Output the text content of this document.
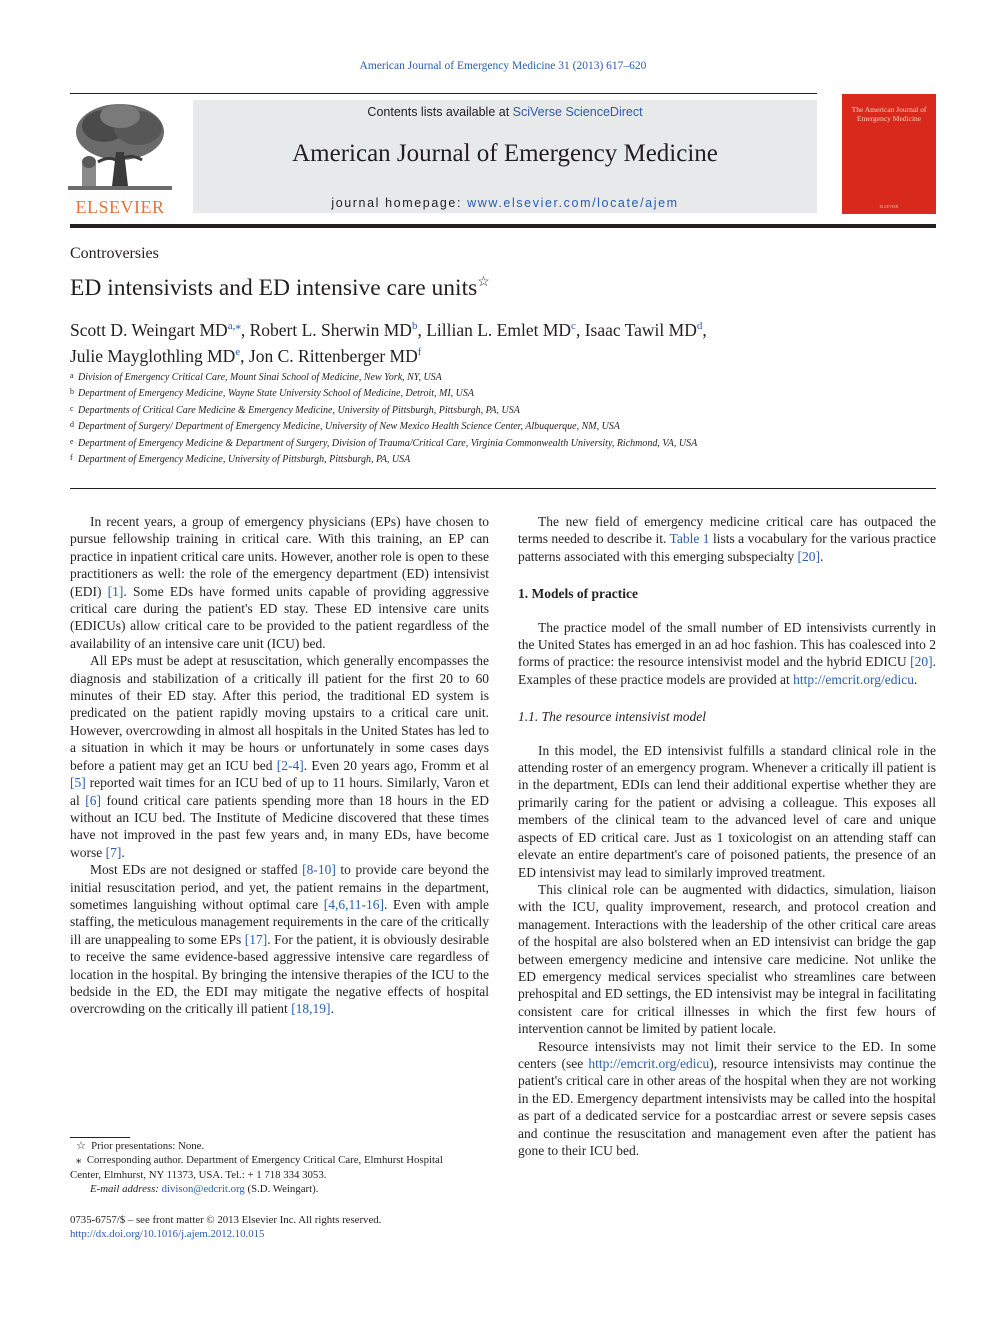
American Journal of Emergency Medicine 31 (2013) 617–620
ELSEVIER
Contents lists available at SciVerse ScienceDirect
American Journal of Emergency Medicine
journal homepage: www.elsevier.com/locate/ajem
The American Journal of Emergency Medicine
ELSEVIER
Controversies
ED intensivists and ED intensive care units☆
Scott D. Weingart $MD^{a,⁎}$, Robert L. Sherwin $MD^b$, Lillian L. Emlet $MD^c$, Isaac Tawil $MD^d$,
Julie Mayglothling MDe, Jon C. Rittenberger $MD^f$
a Division of Emergency Critical Care, Mount Sinai School of Medicine, New York, NY, USA
b Department of Emergency Medicine, Wayne State University School of Medicine, Detroit, MI, USA
c Departments of Critical Care Medicine & Emergency Medicine, University of Pittsburgh, Pittsburgh, PA, USA
d Department of Surgery/ Department of Emergency Medicine, University of New Mexico Health Science Center, Albuquerque, NM, USA
e Department of Emergency Medicine & Department of Surgery, Division of Trauma/Critical Care, Virginia Commonwealth University, Richmond, VA, USA
f Department of Emergency Medicine, University of Pittsburgh, Pittsburgh, PA, USA

In recent years, a group of emergency physicians (EPs) have chosen to pursue fellowship training in critical care. With this training, an EP can practice in inpatient critical care units. However, another role is open to these practitioners as well: the role of the emergency department (ED) intensivist (EDI) [1]. Some EDs have formed units capable of providing aggressive critical care during the patient's ED stay. These ED intensive care units (EDICUs) allow critical care to be provided to the patient regardless of the availability of an intensive care unit (ICU) bed.

All EPs must be adept at resuscitation, which generally encompasses the diagnosis and stabilization of a critically ill patient for the first 20 to 60 minutes of their ED stay. After this period, the traditional ED system is predicated on the patient rapidly moving upstairs to a critical care unit. However, overcrowding in almost all hospitals in the United States has led to a situation in which it may be hours or unfortunately in some cases days before a patient may get an ICU bed [2-4]. Even 20 years ago, Fromm et al [5] reported wait times for an ICU bed of up to 11 hours. Similarly, Varon et al [6] found critical care patients spending more than 18 hours in the ED without an ICU bed. The Institute of Medicine discovered that these times have not improved in the past few years and, in many EDs, have become worse [7].

Most EDs are not designed or staffed [8-10] to provide care beyond the initial resuscitation period, and yet, the patient remains in the department, sometimes languishing without optimal care [4,6,11-16]. Even with ample staffing, the meticulous management requirements in the care of the critically ill are unappealing to some EPs [17]. For the patient, it is obviously desirable to receive the same evidence-based aggressive intensive care regardless of location in the hospital. By bringing the intensive therapies of the ICU to the bedside in the ED, the EDI may mitigate the negative effects of hospital overcrowding on the critically ill patient [18,19].

The new field of emergency medicine critical care has outpaced the terms needed to describe it. Table 1 lists a vocabulary for the various practice patterns associated with this emerging subspecialty [20].

1. Models of practice

The practice model of the small number of ED intensivists currently in the United States has emerged in an ad hoc fashion. This has coalesced into 2 forms of practice: the resource intensivist model and the hybrid EDICU [20]. Examples of these practice models are provided at http://emcrit.org/edicu.

1.1. The resource intensivist model

In this model, the ED intensivist fulfills a standard clinical role in the attending roster of an emergency program. Whenever a critically ill patient is in the department, EDIs can lend their additional expertise whether they are primarily caring for the patient or advising a colleague. This exposes all members of the clinical team to the advanced level of care and unique aspects of ED critical care. Just as 1 toxicologist on an attending staff can elevate an entire department's care of poisoned patients, the presence of an ED intensivist may lead to similarly improved treatment.

This clinical role can be augmented with didactics, simulation, liaison with the ICU, quality improvement, research, and protocol creation and management. Interactions with the leadership of the other critical care areas of the hospital are also bolstered when an ED intensivist can bridge the gap between emergency medicine and intensive care medicine. Not unlike the ED emergency medical services specialist who streamlines care between prehospital and ED settings, the ED intensivist may be integral in facilitating consistent care for critical illnesses in which the first few hours of intervention cannot be limited by patient locale.

Resource intensivists may not limit their service to the ED. In some centers (see http://emcrit.org/edicu), resource intensivists may continue the patient's critical care in other areas of the hospital when they are not working in the ED. Emergency department intensivists may be called into the hospital as part of a dedicated service for a postcardiac arrest or severe sepsis cases and continue the resuscitation and management even after the patient has gone to their ICU bed.

☆ Prior presentations: None.
⁎ Corresponding author. Department of Emergency Critical Care, Elmhurst Hospital
Center, Elmhurst, NY 11373, USA. Tel.: + 1 718 334 3053.
E-mail address: divison@edcrit.org (S.D. Weingart).
0735-6757/$ – see front matter © 2013 Elsevier Inc. All rights reserved.
http://dx.doi.org/10.1016/j.ajem.2012.10.015
